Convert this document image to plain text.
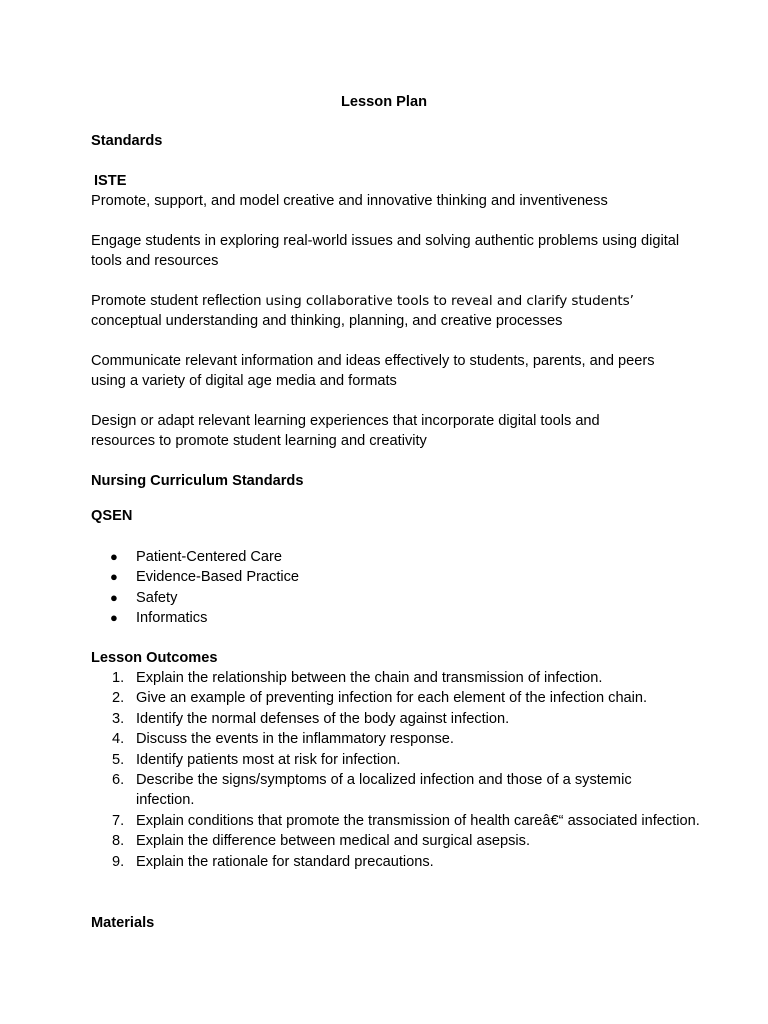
Lesson Plan

Standards

ISTE

Promote, support, and model creative and innovative thinking and inventiveness

Engage students in exploring real-world issues and solving authentic problems using digital tools and resources

Promote student reflection using collaborative tools to reveal and clarify students’
conceptual understanding and thinking, planning, and creative processes

Communicate relevant information and ideas effectively to students, parents, and peers using a variety of digital age media and formats

Design or adapt relevant learning experiences that incorporate digital tools and resources to promote student learning and creativity

Nursing Curriculum Standards

QSEN

● Patient-Centered Care
● Evidence-Based Practice
● Safety
● Informatics

Lesson Outcomes

1. Explain the relationship between the chain and transmission of infection.
2. Give an example of preventing infection for each element of the infection chain.
3. Identify the normal defenses of the body against infection.
4. Discuss the events in the inflammatory response.
5. Identify patients most at risk for infection.
6. Describe the signs/symptoms of a localized infection and those of a systemic infection.
7. Explain conditions that promote the transmission of health careâ€“ associated infection.
8. Explain the difference between medical and surgical asepsis.
9. Explain the rationale for standard precautions.

Materials
